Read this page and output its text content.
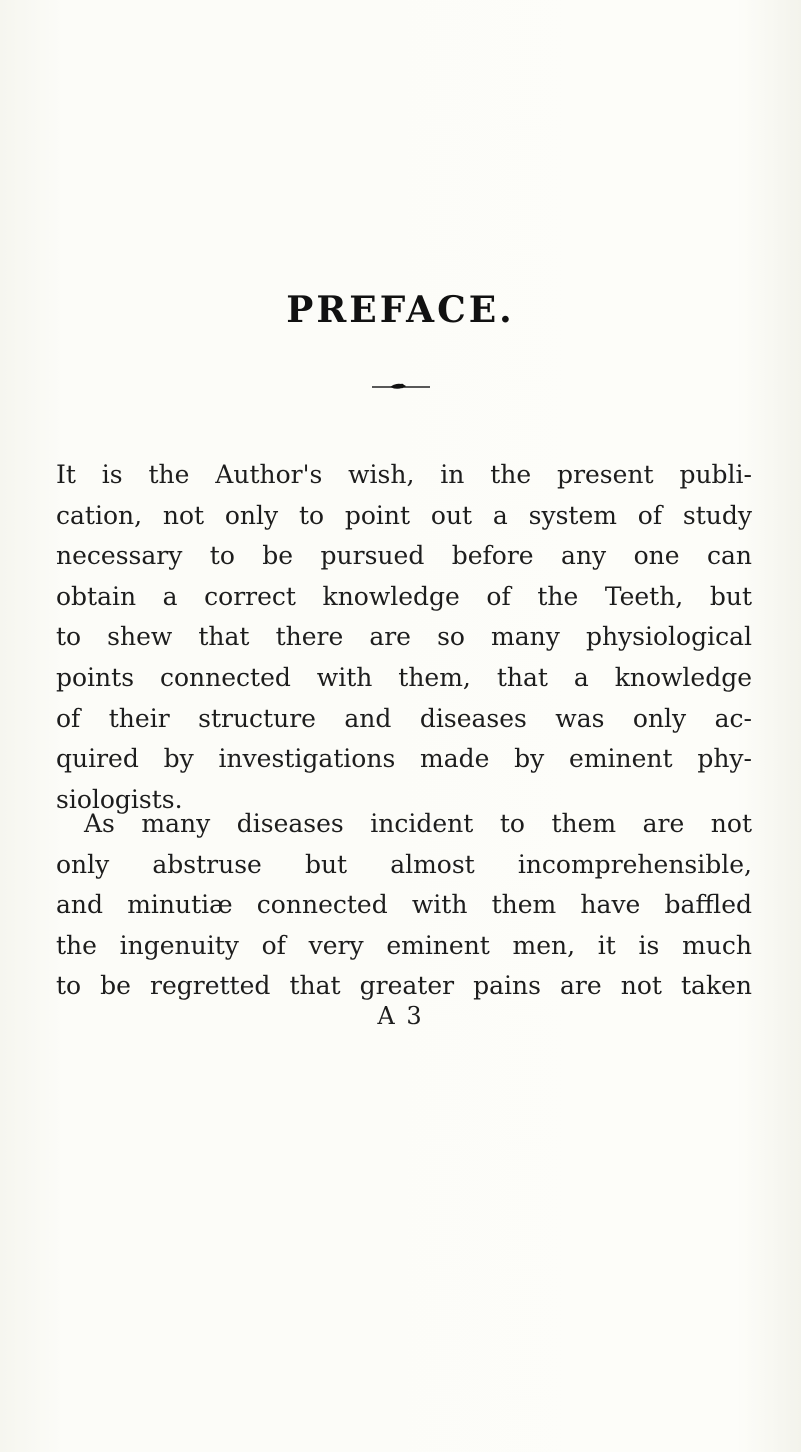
PREFACE.
It is the Author's wish, in the present publi-
cation, not only to point out a system of study
necessary to be pursued before any one can
obtain a correct knowledge of the Teeth, but
to shew that there are so many physiological
points connected with them, that a knowledge
of their structure and diseases was only ac-
quired by investigations made by eminent phy-
siologists.
As many diseases incident to them are not
only abstruse but almost incomprehensible,
and minutiæ connected with them have baffled
the ingenuity of very eminent men, it is much
to be regretted that greater pains are not taken
A 3
